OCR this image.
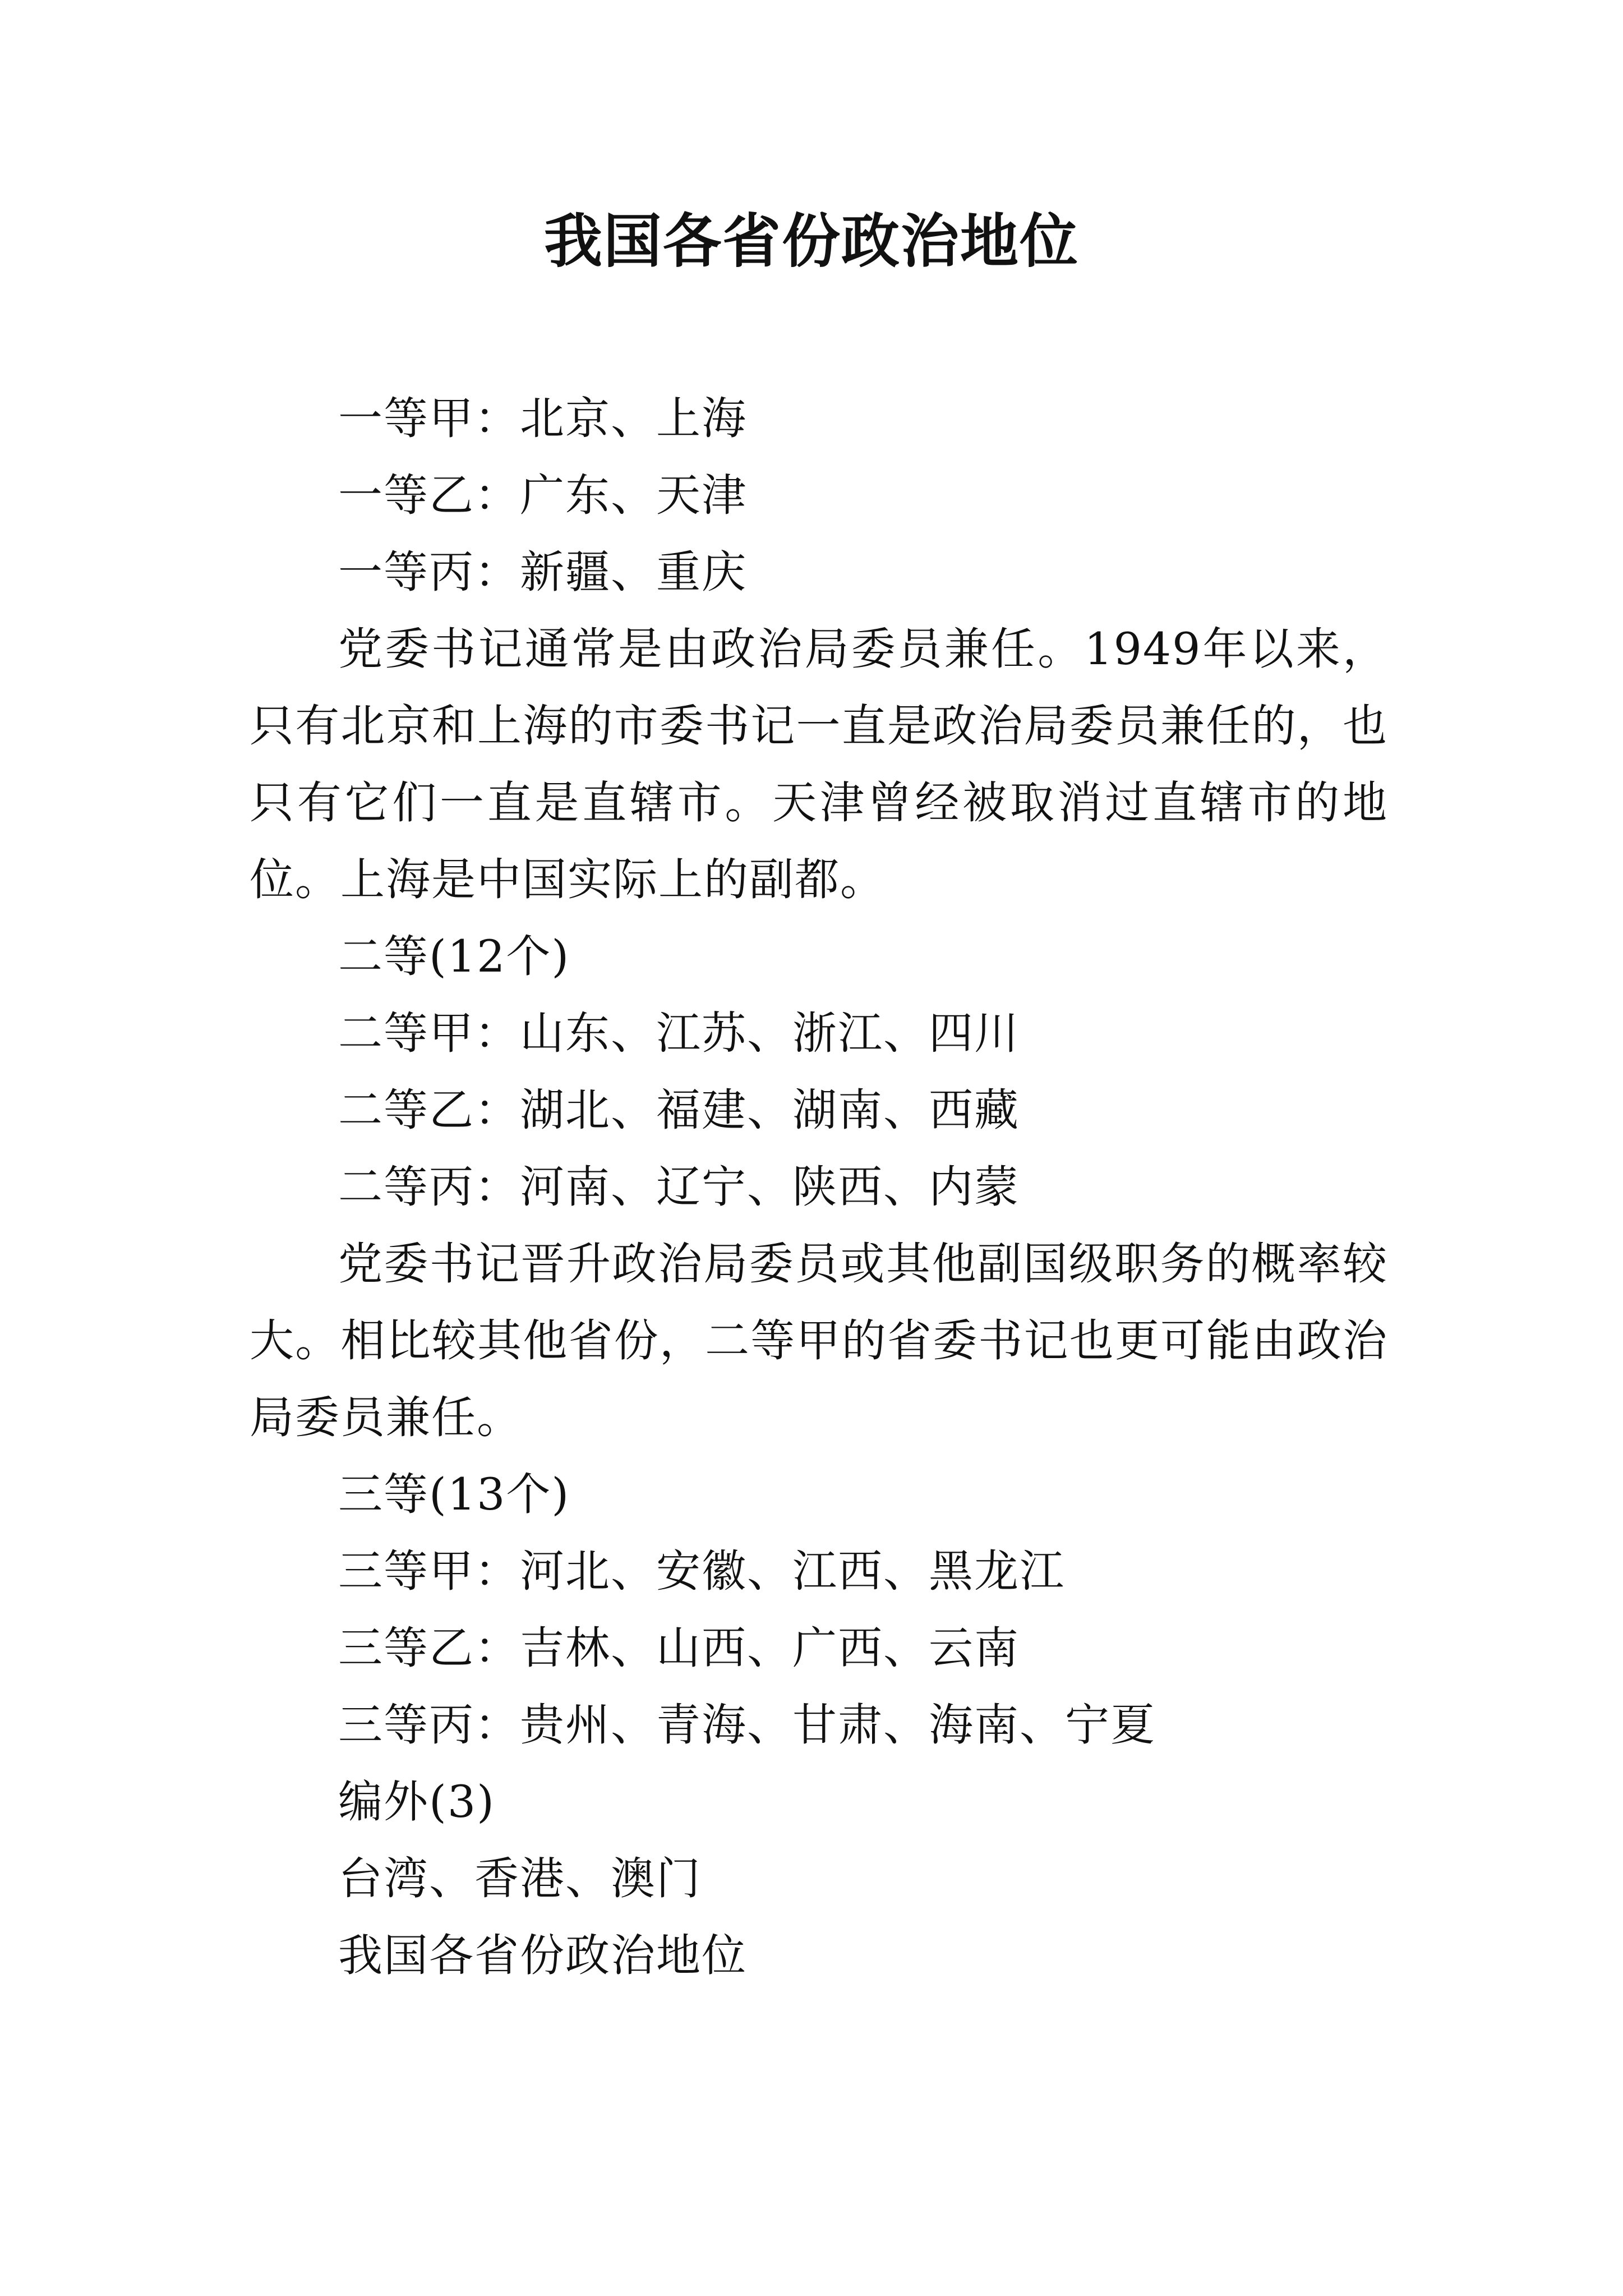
我国各省份政治地位

一等甲：北京、上海

一等乙：广东、天津

一等丙：新疆、重庆

党委书记通常是由政治局委员兼任。1949年以来，只有北京和上海的市委书记一直是政治局委员兼任的，也只有它们一直是直辖市。天津曾经被取消过直辖市的地位。上海是中国实际上的副都。

二等(12个)

二等甲：山东、江苏、浙江、四川

二等乙：湖北、福建、湖南、西藏

二等丙：河南、辽宁、陕西、内蒙

党委书记晋升政治局委员或其他副国级职务的概率较大。相比较其他省份，二等甲的省委书记也更可能由政治局委员兼任。

三等(13个)

三等甲：河北、安徽、江西、黑龙江

三等乙：吉林、山西、广西、云南

三等丙：贵州、青海、甘肃、海南、宁夏

编外(3)

台湾、香港、澳门

我国各省份政治地位
